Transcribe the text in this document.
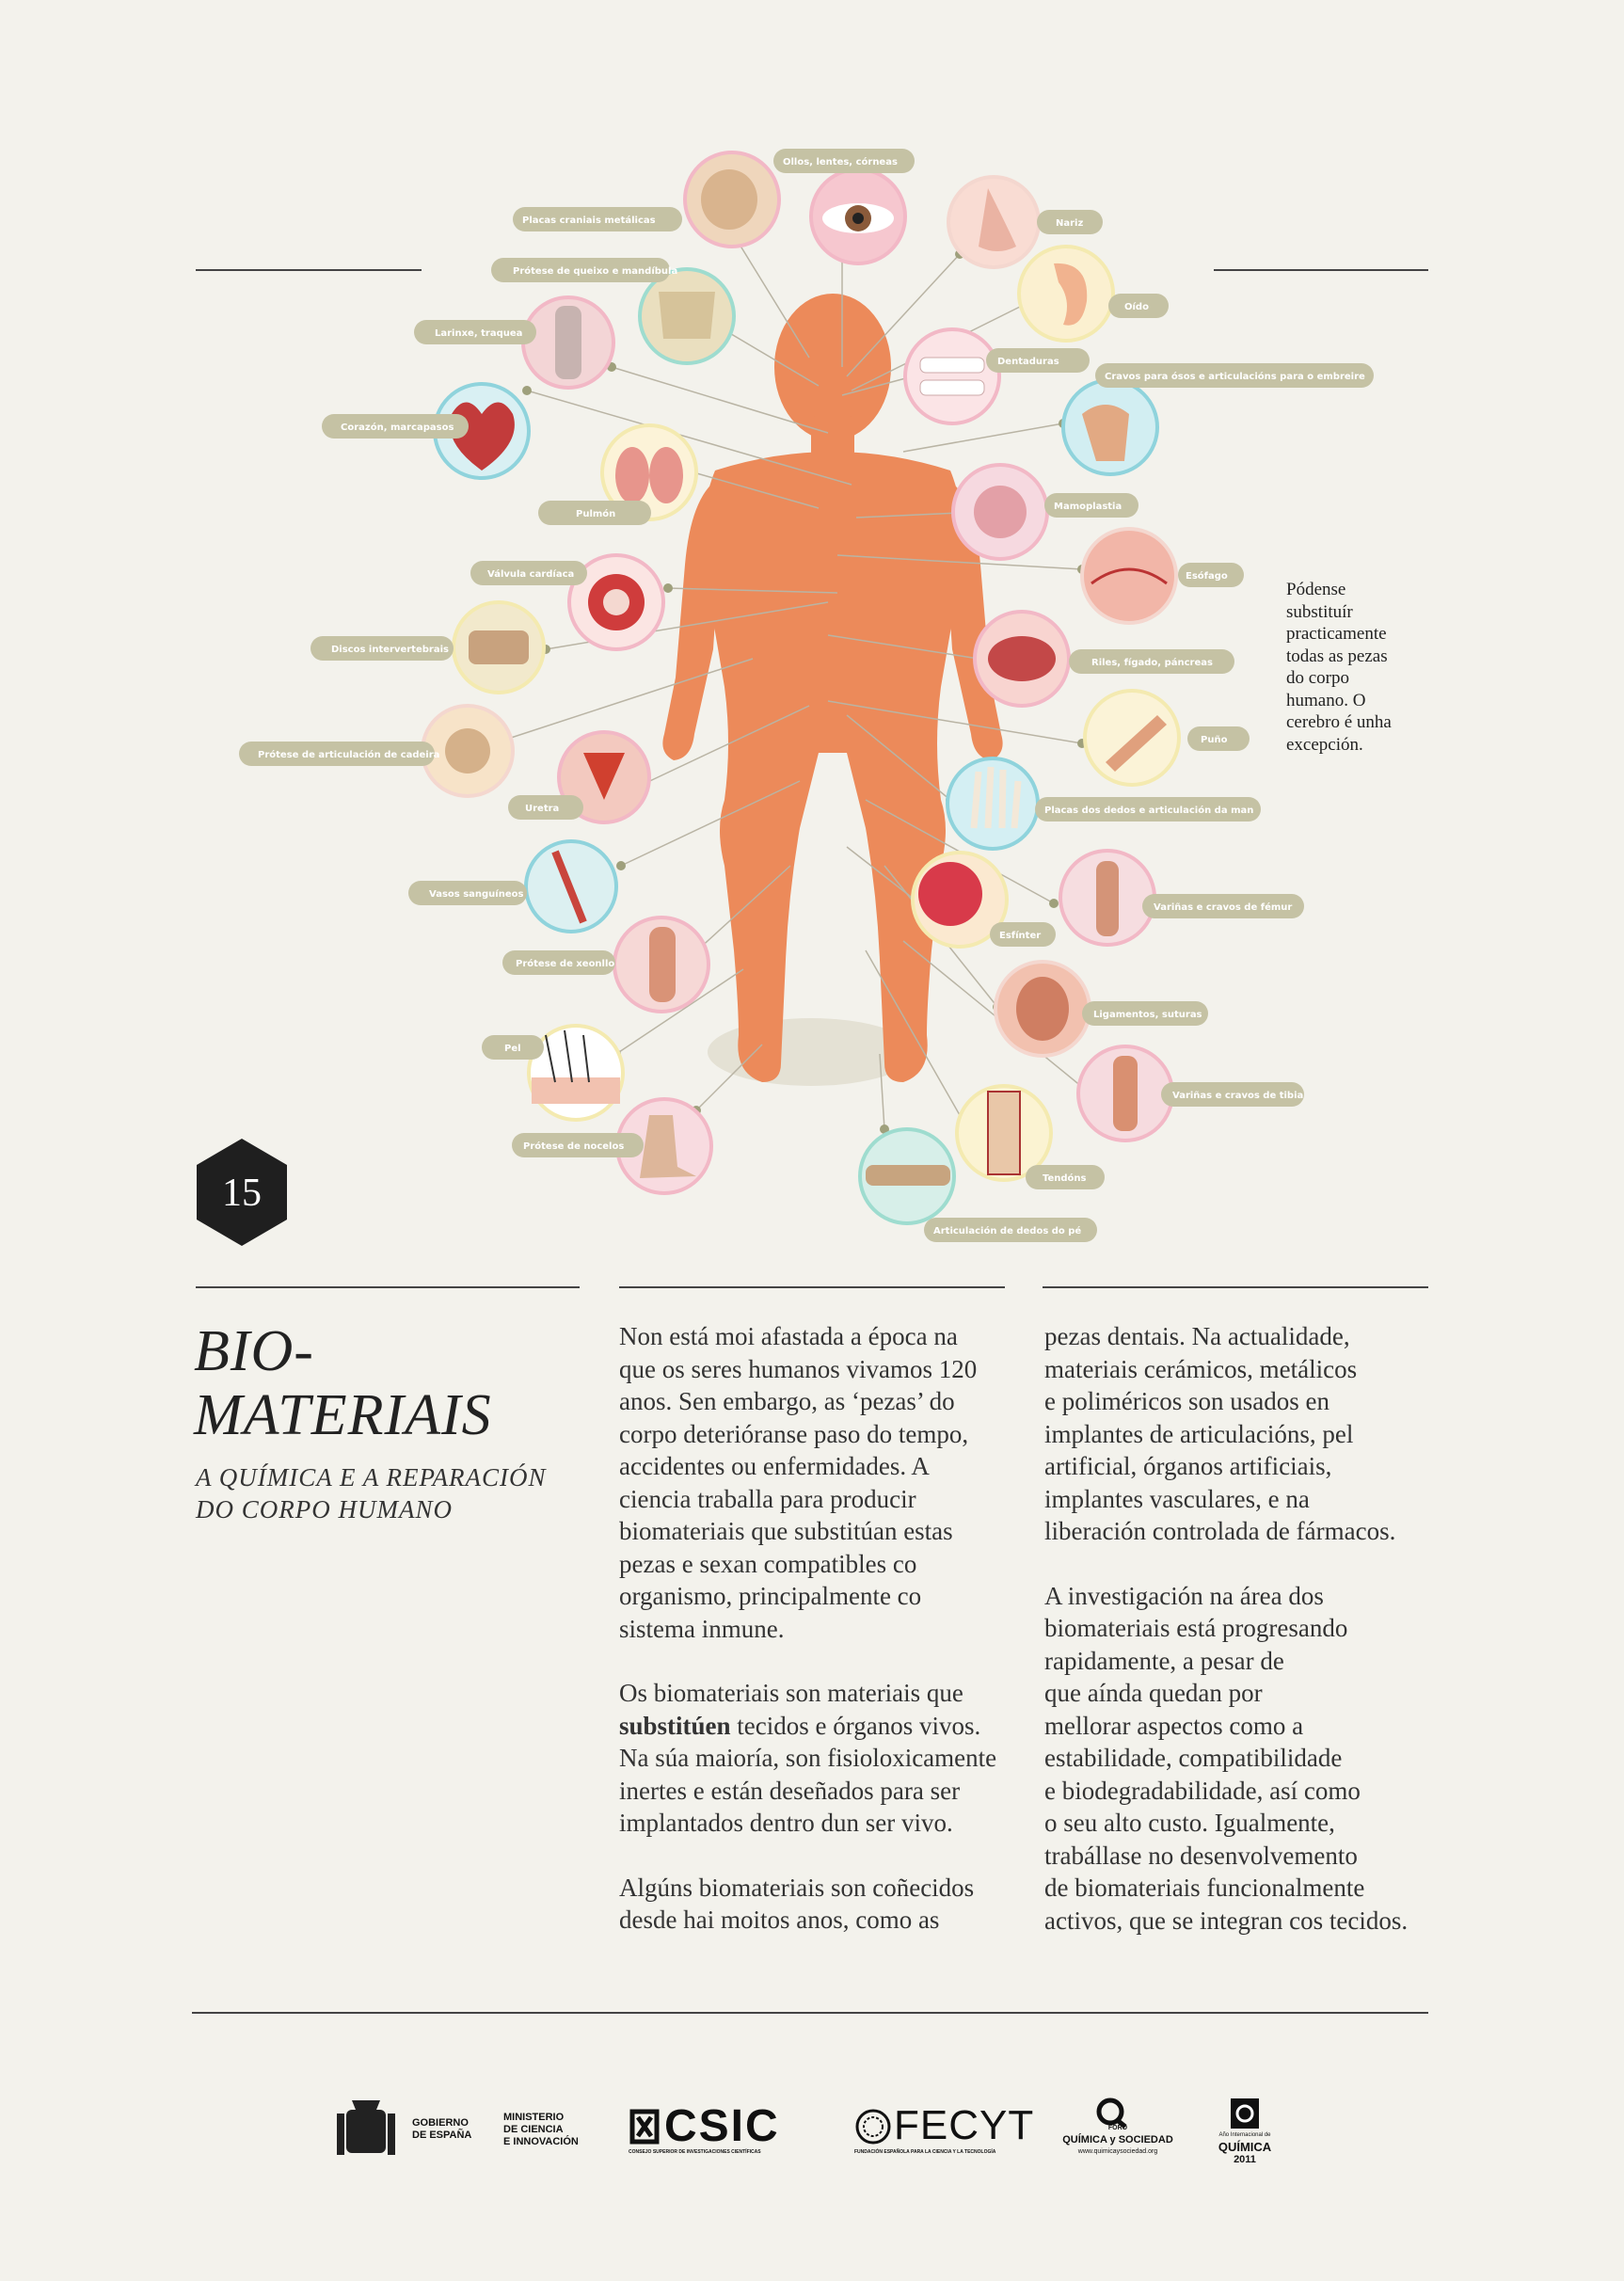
Placas craniais metálicas
Ollos, lentes, córneas
Nariz
Prótese de queixo e mandíbula
Oído
Larinxe, traquea
Dentaduras
Cravos para ósos e articulacións para o embreire
Corazón, marcapasos
Mamoplastia
Pulmón
Esófago
Válvula cardíaca
Discos intervertebrais
Riles, fígado, páncreas
Prótese de articulación de cadeira
Puño
Uretra	Placas dos dedos e articulación da man
Vasos sanguíneos
Variñas e cravos de fémur
Esfínter
Prótese de xeonllo
Ligamentos, suturas
Pel
Variñas e cravos de tibia
Tendóns
Prótese de nocelos
Articulación de dedos do pé
Pódense
substituír
practicamente
todas as pezas
do corpo
humano. O
cerebro é unha
excepción.
15
BIO-
MATERIAIS
A QUÍMICA E A REPARACIÓN
DO CORPO HUMANO

Non está moi afastada a época na
que os seres humanos vivamos 120
anos. Sen embargo, as ‘pezas’ do
corpo deterióranse paso do tempo,
accidentes ou enfermidades. A
ciencia traballa para producir
biomateriais que substitúan estas
pezas e sexan compatibles co
organismo, principalmente co
sistema inmune.

Os biomateriais son materiais que
substitúen tecidos e órganos vivos.
Na súa maioría, son fisioloxicamente
inertes e están deseñados para ser
implantados dentro dun ser vivo.

Algúns biomateriais son coñecidos
desde hai moitos anos, como as

pezas dentais. Na actualidade,
materiais cerámicos, metálicos
e poliméricos son usados en
implantes de articulacións, pel
artificial, órganos artificiais,
implantes vasculares, e na
liberación controlada de fármacos.

A investigación na área dos
biomateriais está progresando
rapidamente, a pesar de
que aínda quedan por
mellorar aspectos como a
estabilidade, compatibilidade
e biodegradabilidade, así como
o seu alto custo. Igualmente,
trabállase no desenvolvemento
de biomateriais funcionalmente
activos, que se integran cos tecidos.

GOBIERNO
DE ESPAÑA
MINISTERIO
DE CIENCIA
E INNOVACIÓN CSIC
CONSEJO SUPERIOR DE INVESTIGACIONES CIENTÍFICAS
FECYT
FUNDACIÓN ESPAÑOLA PARA LA CIENCIA Y LA TECNOLOGÍA
FORO
QUÍMICA y SOCIEDAD
www.quimicaysociedad.org
Año Internacional de
QUÍMICA
2011
